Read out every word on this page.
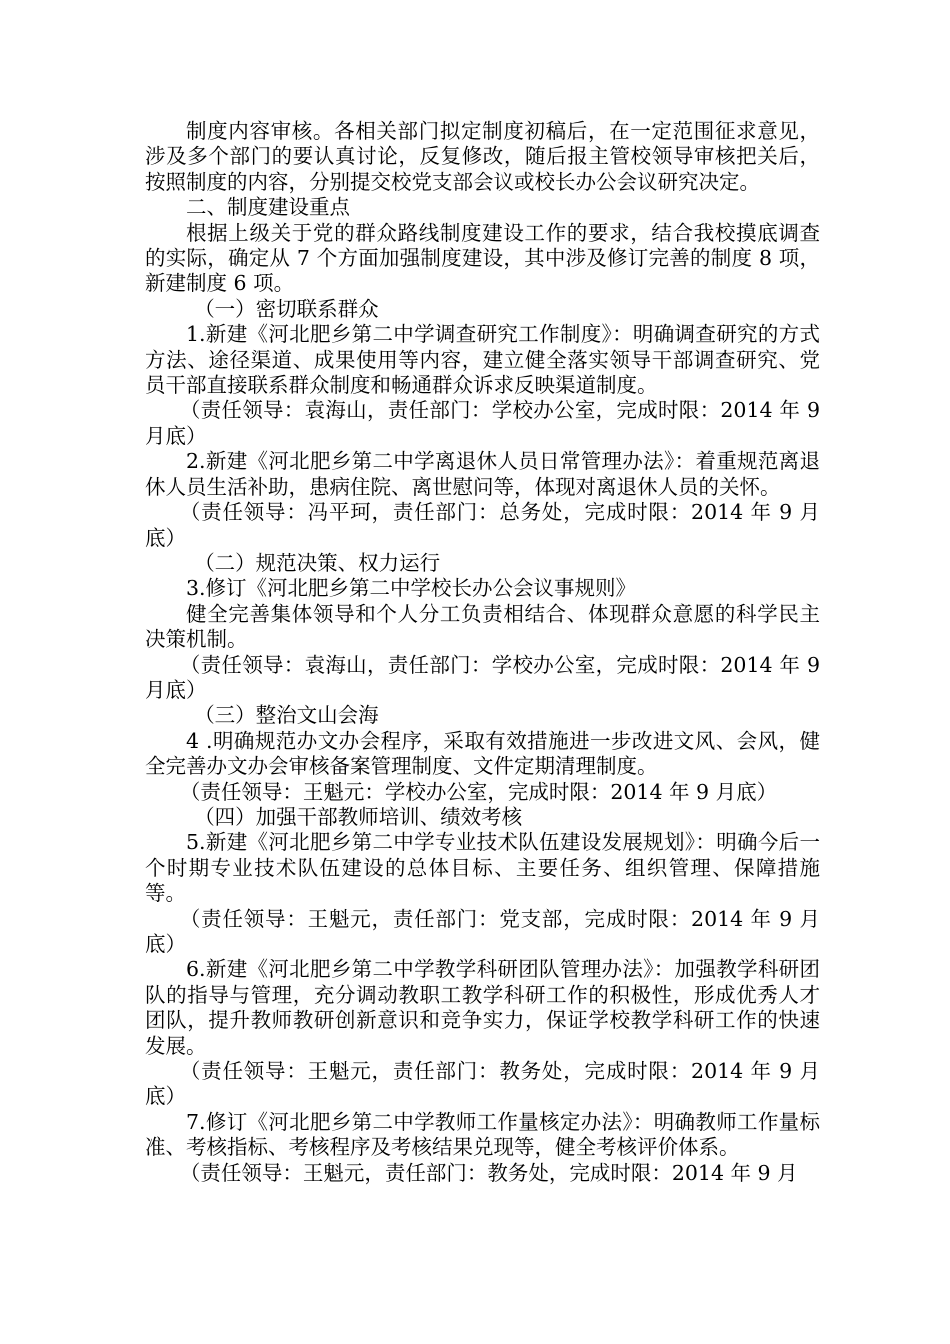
制度内容审核。各相关部门拟定制度初稿后，在一定范围征求意见，涉及多个部门的要认真讨论，反复修改，随后报主管校领导审核把关后，按照制度的内容，分别提交校党支部会议或校长办公会议研究决定。

二、制度建设重点

根据上级关于党的群众路线制度建设工作的要求，结合我校摸底调查的实际，确定从 7 个方面加强制度建设，其中涉及修订完善的制度 8 项，新建制度 6 项。

（一）密切联系群众

1.新建《河北肥乡第二中学调查研究工作制度》：明确调查研究的方式方法、途径渠道、成果使用等内容，建立健全落实领导干部调查研究、党员干部直接联系群众制度和畅通群众诉求反映渠道制度。

（责任领导：袁海山，责任部门：学校办公室，完成时限：2014 年 9 月底）

2.新建《河北肥乡第二中学离退休人员日常管理办法》：着重规范离退休人员生活补助，患病住院、离世慰问等，体现对离退休人员的关怀。

（责任领导：冯平珂，责任部门：总务处，完成时限：2014 年 9 月底）

（二）规范决策、权力运行

3.修订《河北肥乡第二中学校长办公会议事规则》

健全完善集体领导和个人分工负责相结合、体现群众意愿的科学民主决策机制。

（责任领导：袁海山，责任部门：学校办公室，完成时限：2014 年 9 月底）

（三）整治文山会海

4 .明确规范办文办会程序，采取有效措施进一步改进文风、会风，健全完善办文办会审核备案管理制度、文件定期清理制度。

（责任领导：王魁元：学校办公室，完成时限：2014 年 9 月底）

（四）加强干部教师培训、绩效考核

5.新建《河北肥乡第二中学专业技术队伍建设发展规划》：明确今后一个时期专业技术队伍建设的总体目标、主要任务、组织管理、保障措施等。

（责任领导：王魁元，责任部门：党支部，完成时限：2014 年 9 月底）

6.新建《河北肥乡第二中学教学科研团队管理办法》：加强教学科研团队的指导与管理，充分调动教职工教学科研工作的积极性，形成优秀人才团队，提升教师教研创新意识和竞争实力，保证学校教学科研工作的快速发展。

（责任领导：王魁元，责任部门：教务处，完成时限：2014 年 9 月底）

7.修订《河北肥乡第二中学教师工作量核定办法》：明确教师工作量标准、考核指标、考核程序及考核结果兑现等，健全考核评价体系。

（责任领导：王魁元，责任部门：教务处，完成时限：2014 年 9 月
